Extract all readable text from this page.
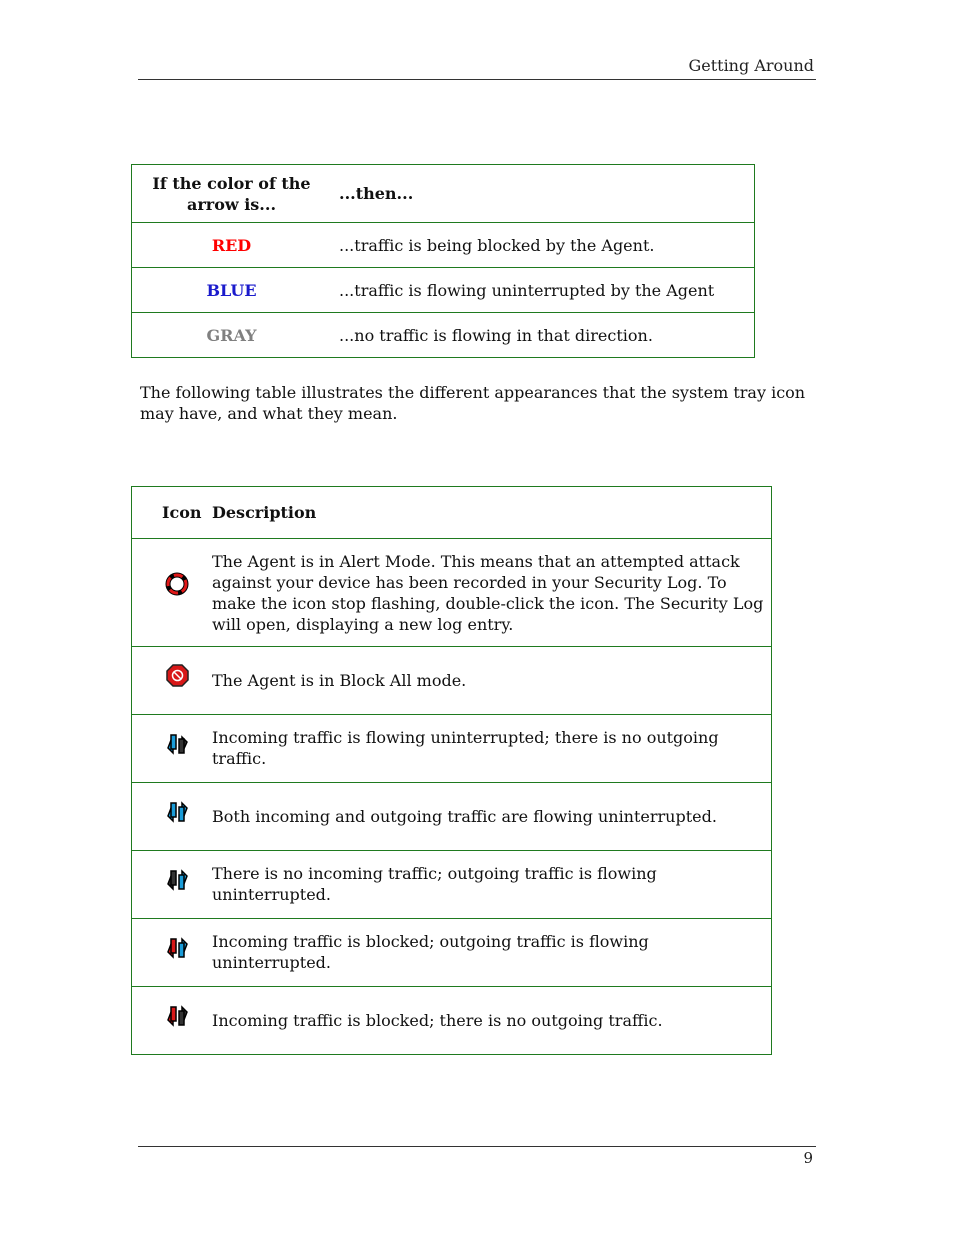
Getting Around
If the color of the arrow is...	...then...
RED	...traffic is being blocked by the Agent.
BLUE	...traffic is flowing uninterrupted by the Agent
GRAY	...no traffic is flowing in that direction.

The following table illustrates the different appearances that the system tray icon may have, and what they mean.

Icon	Description

	The Agent is in Alert Mode. This means that an attempted attack against your device has been recorded in your Security Log. To make the icon stop flashing, double-click the icon. The Security Log will open, displaying a new log entry.

	The Agent is in Block All mode.

	Incoming traffic is flowing uninterrupted; there is no outgoing traffic.

	Both incoming and outgoing traffic are flowing uninterrupted.

	There is no incoming traffic; outgoing traffic is flowing uninterrupted.

	Incoming traffic is blocked; outgoing traffic is flowing uninterrupted.

	Incoming traffic is blocked; there is no outgoing traffic.
9
